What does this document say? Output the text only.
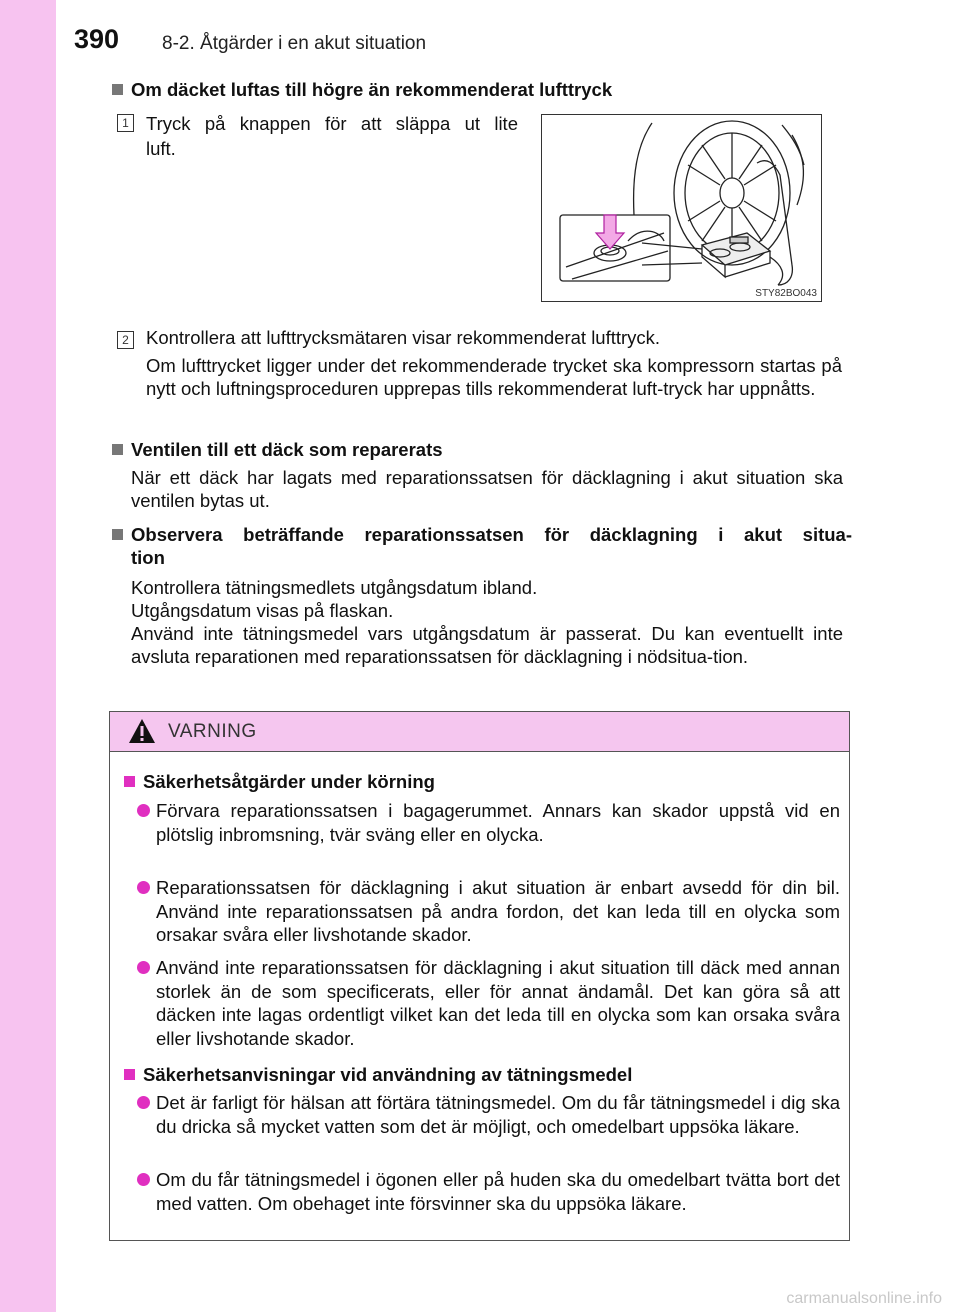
390 8-2. Åtgärder i en akut situation
Om däcket luftas till högre än rekommenderat lufttryck
1 Tryck på knappen för att släppa ut lite
luft.
STY82BO043
2 Kontrollera att lufttrycksmätaren visar rekommenderat lufttryck.
Om lufttrycket ligger under det rekommenderade trycket ska kompressorn startas på nytt och luftningsproceduren upprepas tills rekommenderat luft-tryck har uppnåtts.
Ventilen till ett däck som reparerats
När ett däck har lagats med reparationssatsen för däcklagning i akut situation ska ventilen bytas ut.
Observera beträffande reparationssatsen för däcklagning i akut situa-
tion
Kontrollera tätningsmedlets utgångsdatum ibland.
Utgångsdatum visas på flaskan.
Använd inte tätningsmedel vars utgångsdatum är passerat. Du kan eventuellt inte avsluta reparationen med reparationssatsen för däcklagning i nödsitua-tion.
VARNING
Säkerhetsåtgärder under körning
Förvara reparationssatsen i bagagerummet. Annars kan skador uppstå vid en plötslig inbromsning, tvär sväng eller en olycka.
Reparationssatsen för däcklagning i akut situation är enbart avsedd för din bil. Använd inte reparationssatsen på andra fordon, det kan leda till en olycka som orsakar svåra eller livshotande skador.
Använd inte reparationssatsen för däcklagning i akut situation till däck med annan storlek än de som specificerats, eller för annat ändamål. Det kan göra så att däcken inte lagas ordentligt vilket kan det leda till en olycka som kan orsaka svåra eller livshotande skador.
Säkerhetsanvisningar vid användning av tätningsmedel
Det är farligt för hälsan att förtära tätningsmedel. Om du får tätningsmedel i dig ska du dricka så mycket vatten som det är möjligt, och omedelbart uppsöka läkare.
Om du får tätningsmedel i ögonen eller på huden ska du omedelbart tvätta bort det med vatten. Om obehaget inte försvinner ska du uppsöka läkare.
carmanualsonline.info
